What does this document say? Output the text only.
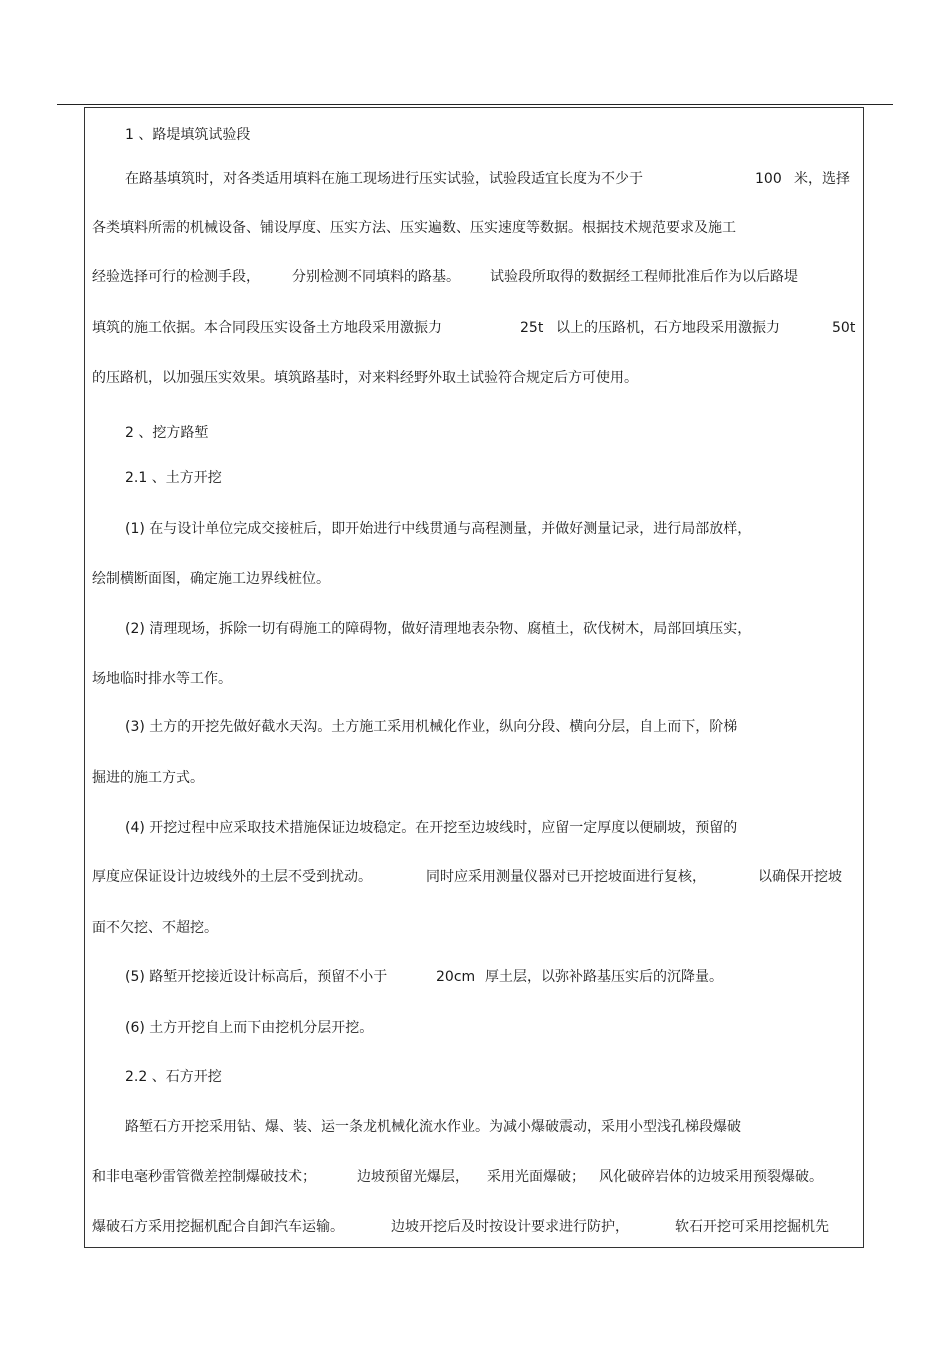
1 、路堤填筑试验段
在路基填筑时，对各类适用填料在施工现场进行压实试验，试验段适宜长度为不少于	100 米，选择
各类填料所需的机械设备、铺设厚度、压实方法、压实遍数、压实速度等数据。根据技术规范要求及施工
经验选择可行的检测手段， 分别检测不同填料的路基。 试验段所取得的数据经工程师批准后作为以后路堤
填筑的施工依据。本合同段压实设备土方地段采用激振力	25t 以上的压路机，石方地段采用激振力	50t
的压路机，以加强压实效果。填筑路基时，对来料经野外取土试验符合规定后方可使用。
2 、挖方路堑
2.1 、土方开挖
(1) 在与设计单位完成交接桩后，即开始进行中线贯通与高程测量，并做好测量记录，进行局部放样，
绘制横断面图，确定施工边界线桩位。
(2) 清理现场，拆除一切有碍施工的障碍物，做好清理地表杂物、腐植土，砍伐树木，局部回填压实，
场地临时排水等工作。
(3) 土方的开挖先做好截水天沟。土方施工采用机械化作业，纵向分段、横向分层，自上而下，阶梯
掘进的施工方式。
(4) 开挖过程中应采取技术措施保证边坡稳定。在开挖至边坡线时，应留一定厚度以便刷坡，预留的
厚度应保证设计边坡线外的土层不受到扰动。	同时应采用测量仪器对已开挖坡面进行复核，	以确保开挖坡
面不欠挖、不超挖。
(5) 路堑开挖接近设计标高后，预留不小于	20cm 厚土层，以弥补路基压实后的沉降量。
(6) 土方开挖自上而下由挖机分层开挖。
2.2 、石方开挖
路堑石方开挖采用钻、爆、装、运一条龙机械化流水作业。为减小爆破震动，采用小型浅孔梯段爆破
和非电毫秒雷管微差控制爆破技术；	边坡预留光爆层， 采用光面爆破； 风化破碎岩体的边坡采用预裂爆破。
爆破石方采用挖掘机配合自卸汽车运输。	边坡开挖后及时按设计要求进行防护，	软石开挖可采用挖掘机先
